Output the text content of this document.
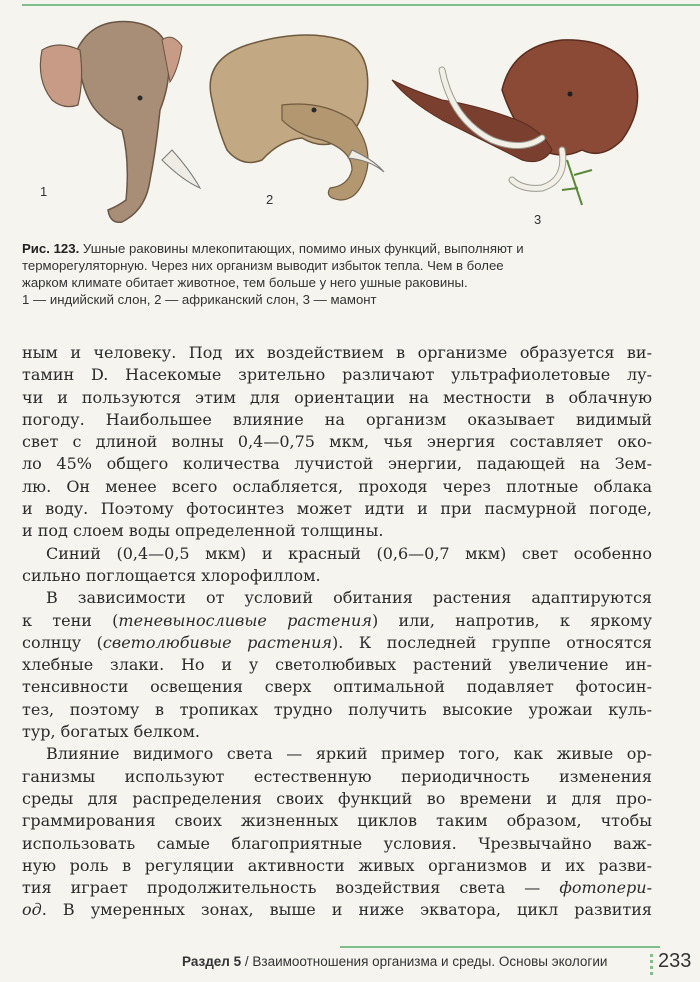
1
2
3
Рис. 123. Ушные раковины млекопитающих, помимо иных функций, выполняют и
терморегуляторную. Через них организм выводит избыток тепла. Чем в более
жарком климате обитает животное, тем больше у него ушные раковины.
1 — индийский слон, 2 — африканский слон, 3 — мамонт

ным и человеку. Под их воздействием в организме образуется ви-
тамин D. Насекомые зрительно различают ультрафиолетовые лу-
чи и пользуются этим для ориентации на местности в облачную
погоду. Наибольшее влияние на организм оказывает видимый
свет с длиной волны 0,4—0,75 мкм, чья энергия составляет око-
ло 45% общего количества лучистой энергии, падающей на Зем-
лю. Он менее всего ослабляется, проходя через плотные облака
и воду. Поэтому фотосинтез может идти и при пасмурной погоде,
и под слоем воды определенной толщины.

Синий (0,4—0,5 мкм) и красный (0,6—0,7 мкм) свет особенно
сильно поглощается хлорофиллом.

В зависимости от условий обитания растения адаптируются
к тени (теневыносливые растения) или, напротив, к яркому
солнцу (светолюбивые растения). К последней группе относятся
хлебные злаки. Но и у светолюбивых растений увеличение ин-
тенсивности освещения сверх оптимальной подавляет фотосин-
тез, поэтому в тропиках трудно получить высокие урожаи куль-
тур, богатых белком.

Влияние видимого света — яркий пример того, как живые ор-
ганизмы используют естественную периодичность изменения
среды для распределения своих функций во времени и для про-
граммирования своих жизненных циклов таким образом, чтобы
использовать самые благоприятные условия. Чрезвычайно важ-
ную роль в регуляции активности живых организмов и их разви-
тия играет продолжительность воздействия света — фотопери-
од. В умеренных зонах, выше и ниже экватора, цикл развития

Раздел 5 / Взаимоотношения организма и среды. Основы экологии	233
